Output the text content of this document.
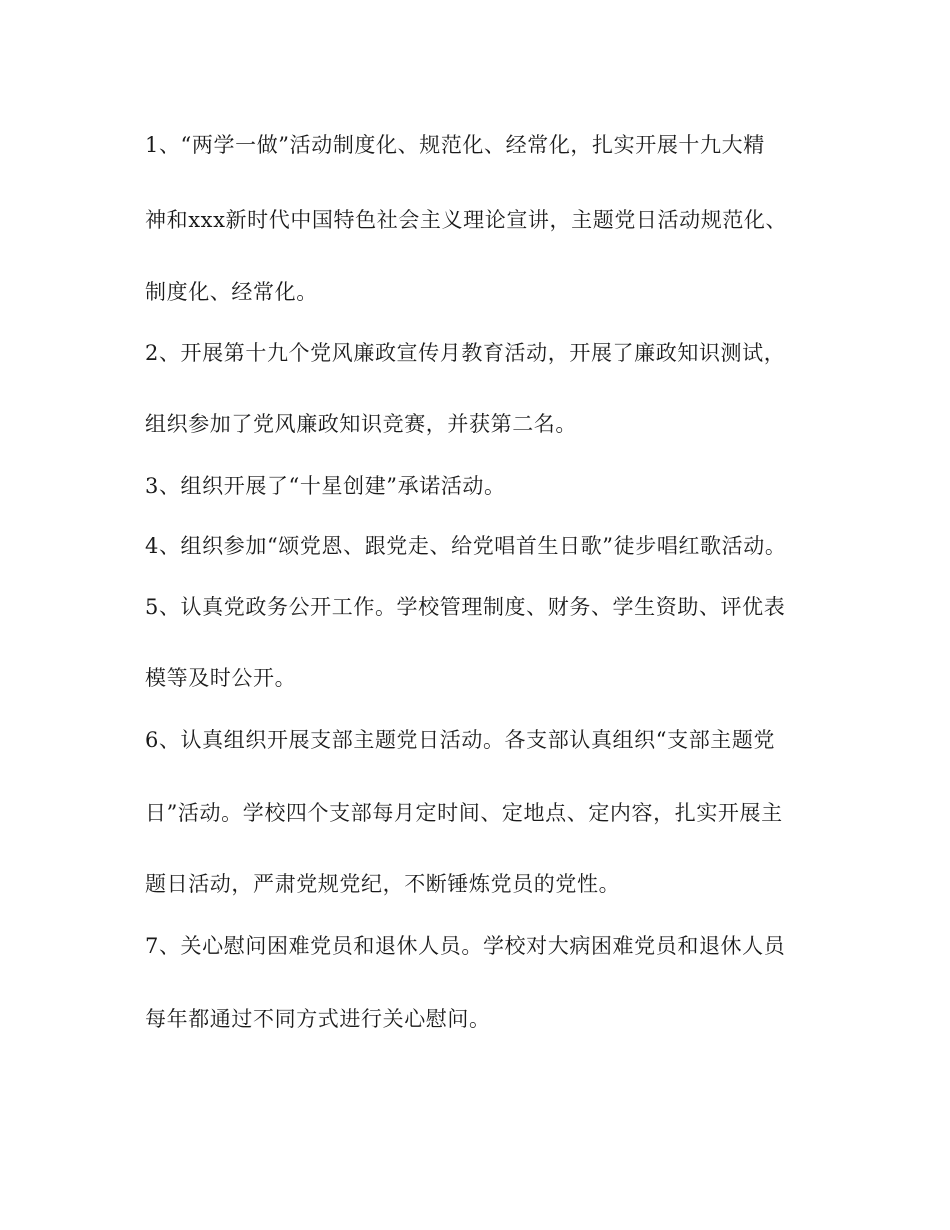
1、“两学一做”活动制度化、规范化、经常化，扎实开展十九大精
神和xxx新时代中国特色社会主义理论宣讲，主题党日活动规范化、
制度化、经常化。
2、开展第十九个党风廉政宣传月教育活动，开展了廉政知识测试，
组织参加了党风廉政知识竞赛，并获第二名。
3、组织开展了“十星创建”承诺活动。
4、组织参加“颂党恩、跟党走、给党唱首生日歌”徒步唱红歌活动。
5、认真党政务公开工作。学校管理制度、财务、学生资助、评优表
模等及时公开。
6、认真组织开展支部主题党日活动。各支部认真组织“支部主题党
日”活动。学校四个支部每月定时间、定地点、定内容，扎实开展主
题日活动，严肃党规党纪，不断锤炼党员的党性。
7、关心慰问困难党员和退休人员。学校对大病困难党员和退休人员
每年都通过不同方式进行关心慰问。
